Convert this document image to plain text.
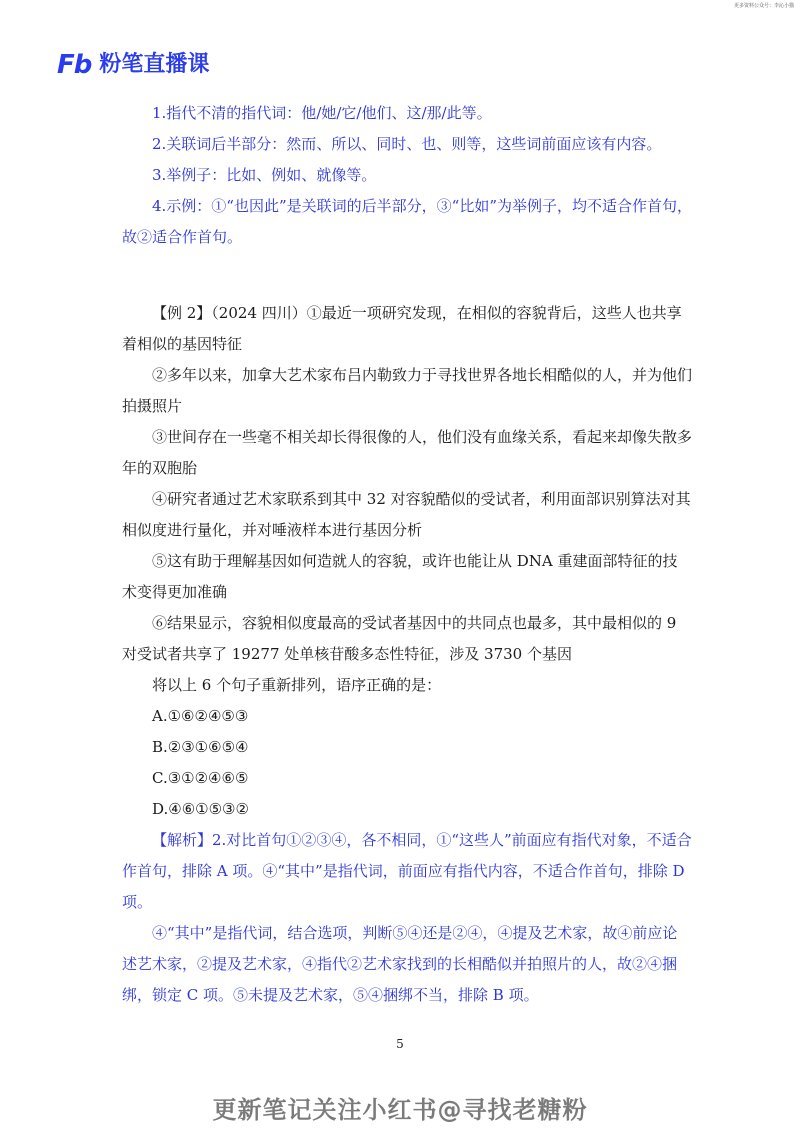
更多资料公众号：李沁小猫
Fb 粉笔直播课

1.指代不清的指代词：他/她/它/他们、这/那/此等。

2.关联词后半部分：然而、所以、同时、也、则等，这些词前面应该有内容。

3.举例子：比如、例如、就像等。

4.示例：①“也因此”是关联词的后半部分，③“比如”为举例子，均不适合作首句，故②适合作首句。

【例 2】（2024 四川）①最近一项研究发现，在相似的容貌背后，这些人也共享着相似的基因特征

②多年以来，加拿大艺术家布吕内勒致力于寻找世界各地长相酷似的人，并为他们拍摄照片

③世间存在一些毫不相关却长得很像的人，他们没有血缘关系，看起来却像失散多年的双胞胎

④研究者通过艺术家联系到其中 32 对容貌酷似的受试者，利用面部识别算法对其相似度进行量化，并对唾液样本进行基因分析

⑤这有助于理解基因如何造就人的容貌，或许也能让从 DNA 重建面部特征的技术变得更加准确

⑥结果显示，容貌相似度最高的受试者基因中的共同点也最多，其中最相似的 9 对受试者共享了 19277 处单核苷酸多态性特征，涉及 3730 个基因

将以上 6 个句子重新排列，语序正确的是：

A.①⑥②④⑤③

B.②③①⑥⑤④

C.③①②④⑥⑤

D.④⑥①⑤③②

【解析】2.对比首句①②③④，各不相同，①“这些人”前面应有指代对象，不适合作首句，排除 A 项。④“其中”是指代词，前面应有指代内容，不适合作首句，排除 D 项。

④“其中”是指代词，结合选项，判断⑤④还是②④，④提及艺术家，故④前应论述艺术家，②提及艺术家，④指代②艺术家找到的长相酷似并拍照片的人，故②④捆绑，锁定 C 项。⑤未提及艺术家，⑤④捆绑不当，排除 B 项。

5
更新笔记关注小红书@寻找老糖粉
